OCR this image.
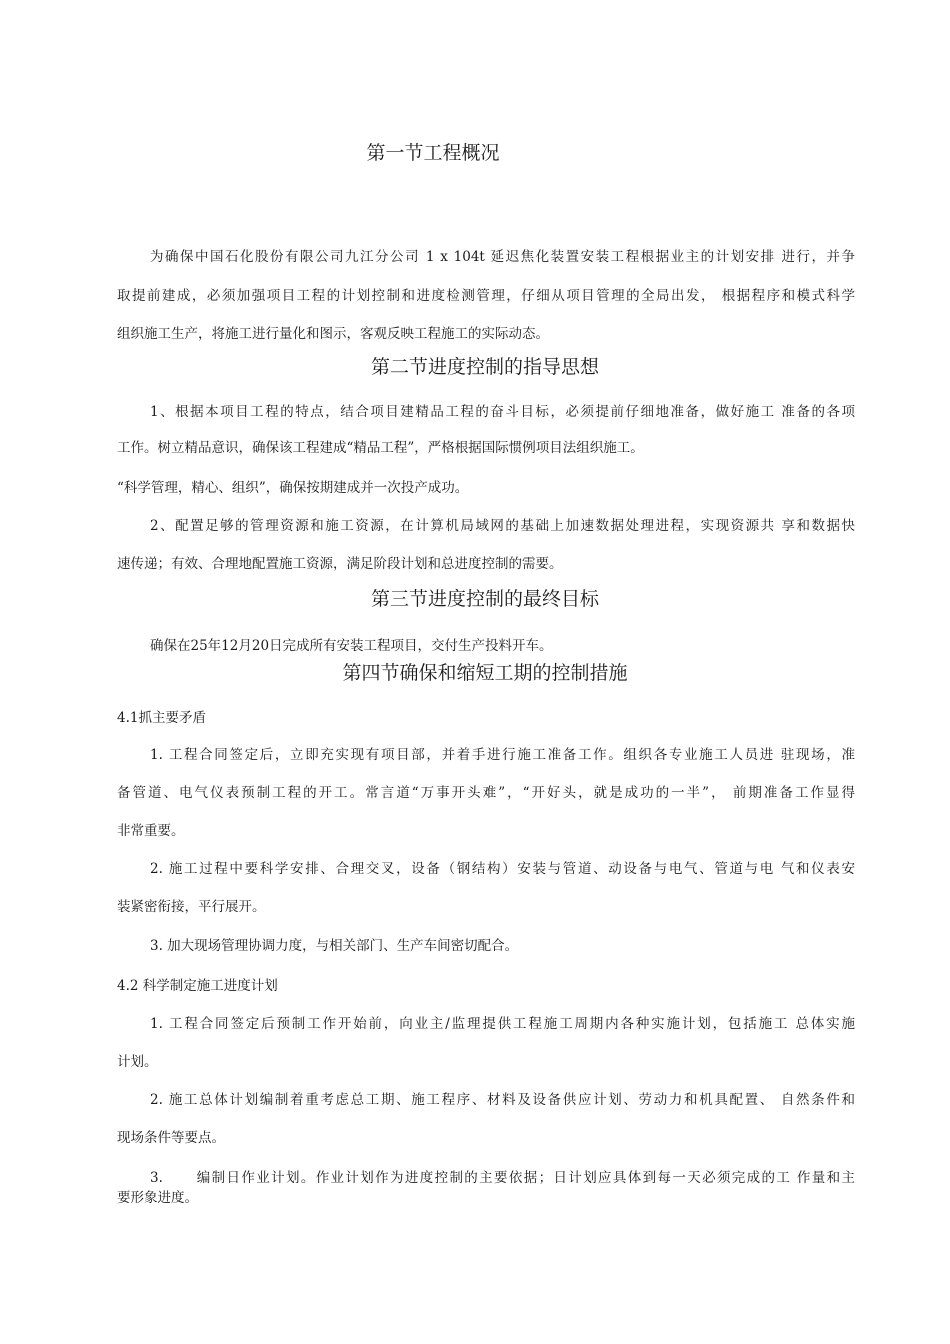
第一节工程概况
为确保中国石化股份有限公司九江分公司 1 x 104t 延迟焦化装置安装工程根据业主的计划安排 进行，并争
取提前建成，必须加强项目工程的计划控制和进度检测管理，仔细从项目管理的全局出发， 根据程序和模式科学
组织施工生产，将施工进行量化和图示，客观反映工程施工的实际动态。
第二节进度控制的指导思想
1、根据本项目工程的特点，结合项目建精品工程的奋斗目标，必须提前仔细地准备，做好施工 准备的各项
工作。树立精品意识，确保该工程建成“精品工程”，严格根据国际惯例项目法组织施工。
“科学管理，精心、组织”，确保按期建成并一次投产成功。
2、配置足够的管理资源和施工资源，在计算机局域网的基础上加速数据处理进程，实现资源共 享和数据快
速传递；有效、合理地配置施工资源，满足阶段计划和总进度控制的需要。
第三节进度控制的最终目标
确保在25年12月20日完成所有安装工程项目，交付生产投料开车。
第四节确保和缩短工期的控制措施
4.1抓主要矛盾
1. 工程合同签定后，立即充实现有项目部，并着手进行施工准备工作。组织各专业施工人员进 驻现场，准
备管道、电气仪表预制工程的开工。常言道“万事开头难”，“开好头，就是成功的一半”， 前期准备工作显得
非常重要。
2. 施工过程中要科学安排、合理交叉，设备（钢结构）安装与管道、动设备与电气、管道与电 气和仪表安
装紧密衔接，平行展开。
3. 加大现场管理协调力度，与相关部门、生产车间密切配合。
4.2 科学制定施工进度计划
1. 工程合同签定后预制工作开始前，向业主/监理提供工程施工周期内各种实施计划，包括施工 总体实施
计划。
2. 施工总体计划编制着重考虑总工期、施工程序、材料及设备供应计划、劳动力和机具配置、 自然条件和
现场条件等要点。
3.      编制日作业计划。作业计划作为进度控制的主要依据；日计划应具体到每一天必须完成的工 作量和主
要形象进度。
